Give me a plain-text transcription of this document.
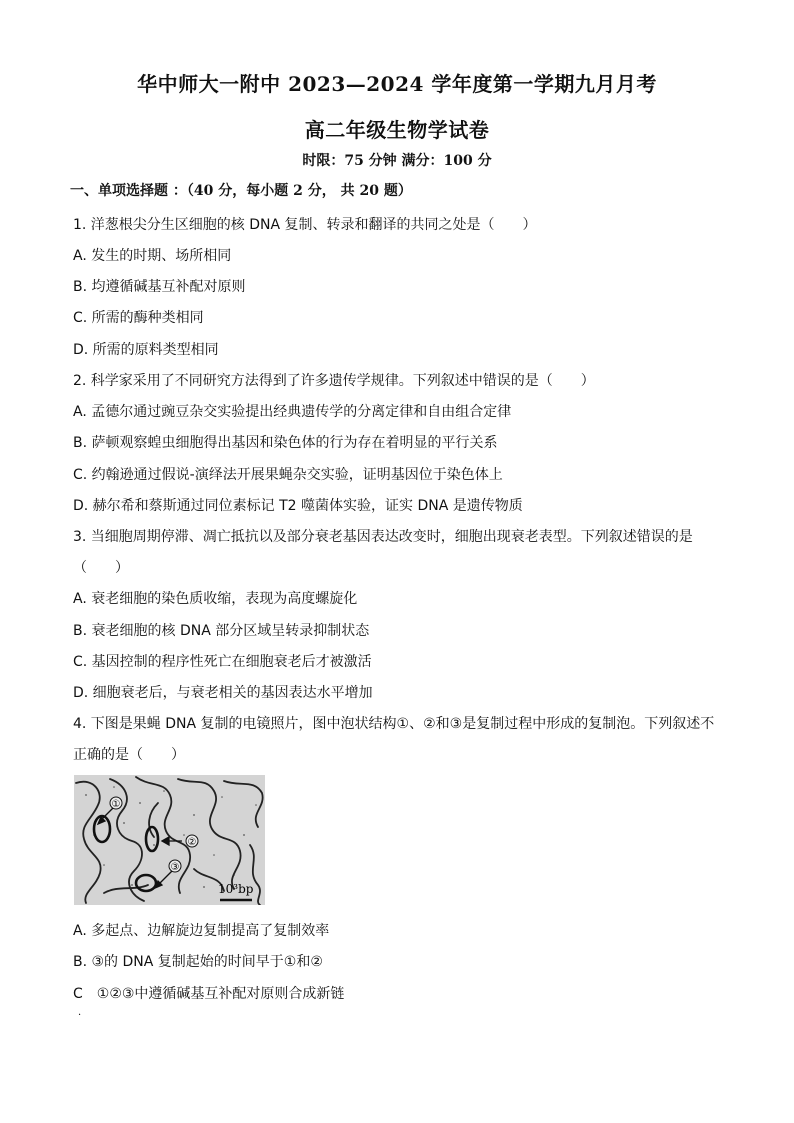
华中师大一附中 2023—2024 学年度第一学期九月月考
高二年级生物学试卷
时限：75 分钟 满分：100 分
一、单项选择题 ：（40 分，每小题 2 分， 共 20 题）
1. 洋葱根尖分生区细胞的核 DNA 复制、转录和翻译的共同之处是（　　）
A. 发生的时期、场所相同
B. 均遵循碱基互补配对原则
C. 所需的酶种类相同
D. 所需的原料类型相同
2. 科学家采用了不同研究方法得到了许多遗传学规律。下列叙述中错误的是（　　）
A. 孟德尔通过豌豆杂交实验提出经典遗传学的分离定律和自由组合定律
B. 萨顿观察蝗虫细胞得出基因和染色体的行为存在着明显的平行关系
C. 约翰逊通过假说-演绎法开展果蝇杂交实验，证明基因位于染色体上
D. 赫尔希和蔡斯通过同位素标记 T2 噬菌体实验，证实 DNA 是遗传物质
3. 当细胞周期停滞、凋亡抵抗以及部分衰老基因表达改变时，细胞出现衰老表型。下列叙述错误的是
（　　）
A. 衰老细胞的染色质收缩，表现为高度螺旋化
B. 衰老细胞的核 DNA 部分区域呈转录抑制状态
C. 基因控制的程序性死亡在细胞衰老后才被激活
D. 细胞衰老后，与衰老相关的基因表达水平增加
4. 下图是果蝇 DNA 复制的电镜照片，图中泡状结构①、②和③是复制过程中形成的复制泡。下列叙述不
正确的是（　　）
①
②
③
10³bp
A. 多起点、边解旋边复制提高了复制效率
B. ③的 DNA 复制起始的时间早于①和②
C　①②③中遵循碱基互补配对原则合成新链
·
